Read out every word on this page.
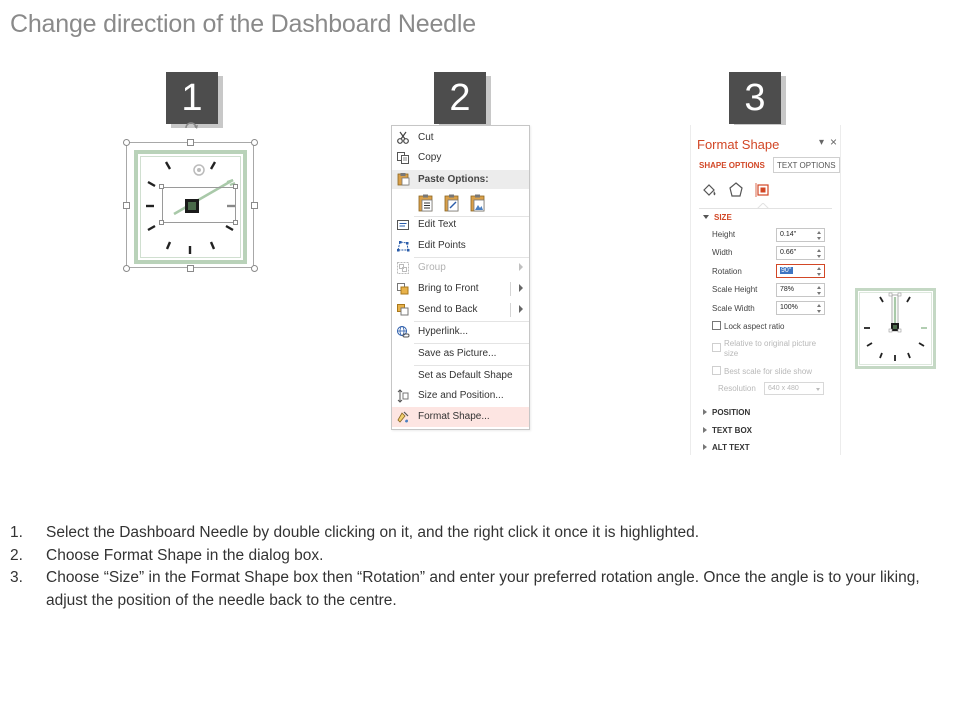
Change direction of the Dashboard Needle
1	2	3
Cut
Copy
Paste Options:
Edit Text
Edit Points
Group
Bring to Front
Send to Back
Hyperlink...
Save as Picture...
Set as Default Shape
Size and Position...
Format Shape...
Format Shape	▾ ×
SHAPE OPTIONS	TEXT OPTIONS
SIZE
Height	0.14"
Width	0.66"
Rotation	90°
Scale Height	78%
Scale Width	100%
Lock aspect ratio
Relative to original picture size
Best scale for slide show
Resolution	640 x 480
POSITION
TEXT BOX
ALT TEXT
1. Select the Dashboard Needle by double clicking on it, and the right click it once it is highlighted.
2. Choose Format Shape in the dialog box.
3. Choose “Size” in the Format Shape box then “Rotation” and enter your preferred rotation angle. Once the angle is to your liking, adjust the position of the needle back to the centre.
